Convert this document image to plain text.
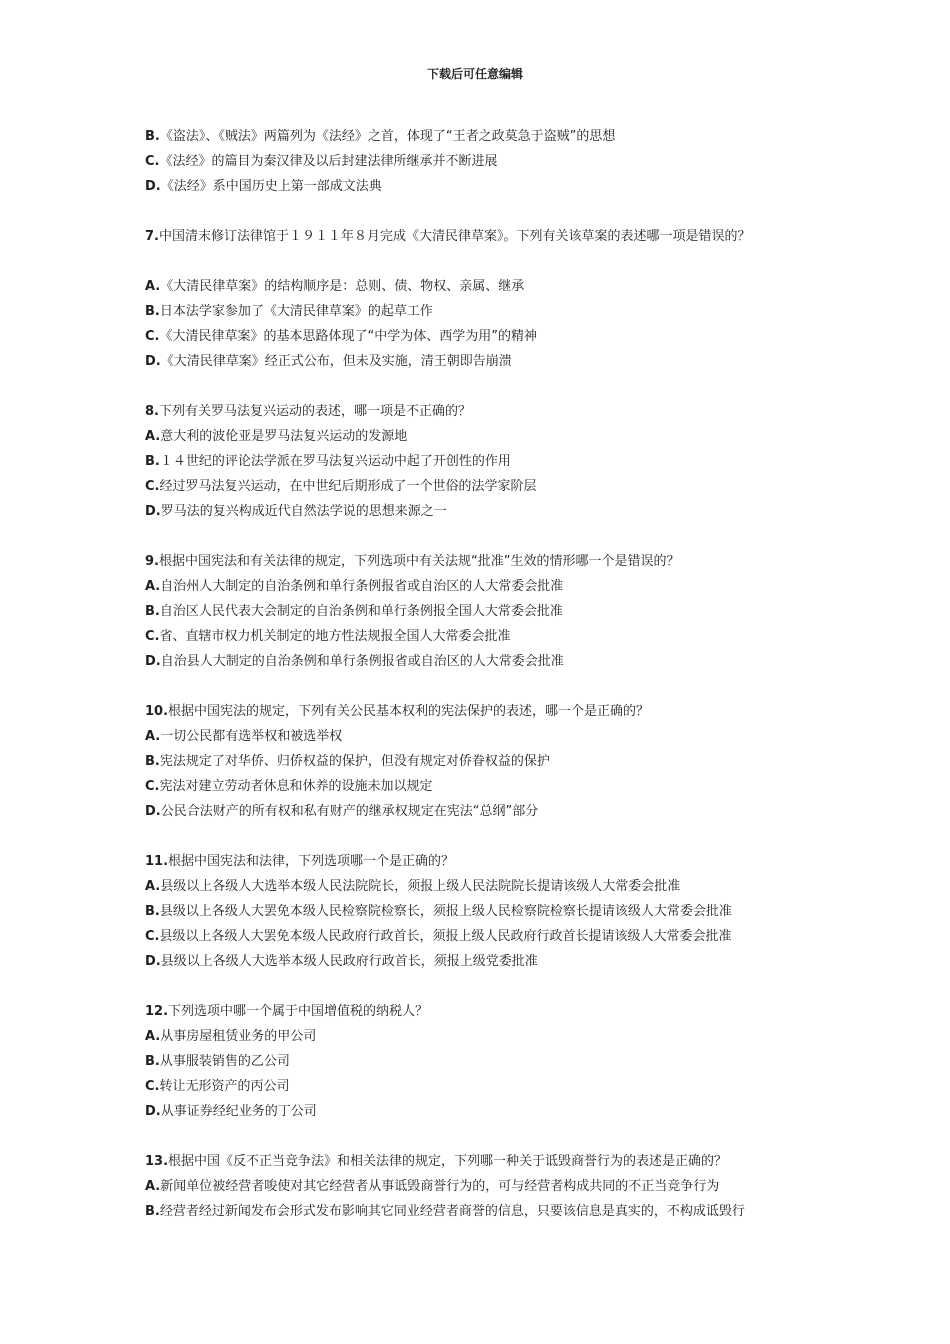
下载后可任意编辑
B.《盗法》、《贼法》两篇列为《法经》之首，体现了“王者之政莫急于盗贼”的思想
C.《法经》的篇目为秦汉律及以后封建法律所继承并不断进展
D.《法经》系中国历史上第一部成文法典
7.中国清末修订法律馆于１９１１年８月完成《大清民律草案》。下列有关该草案的表述哪一项是错误的？
A.《大清民律草案》的结构顺序是：总则、债、物权、亲属、继承
B.日本法学家参加了《大清民律草案》的起草工作
C.《大清民律草案》的基本思路体现了“中学为体、西学为用”的精神
D.《大清民律草案》经正式公布，但未及实施，清王朝即告崩溃
8.下列有关罗马法复兴运动的表述，哪一项是不正确的？
A.意大利的波伦亚是罗马法复兴运动的发源地
B.１４世纪的评论法学派在罗马法复兴运动中起了开创性的作用
C.经过罗马法复兴运动，在中世纪后期形成了一个世俗的法学家阶层
D.罗马法的复兴构成近代自然法学说的思想来源之一
9.根据中国宪法和有关法律的规定，下列选项中有关法规“批准”生效的情形哪一个是错误的？
A.自治州人大制定的自治条例和单行条例报省或自治区的人大常委会批准
B.自治区人民代表大会制定的自治条例和单行条例报全国人大常委会批准
C.省、直辖市权力机关制定的地方性法规报全国人大常委会批准
D.自治县人大制定的自治条例和单行条例报省或自治区的人大常委会批准
10.根据中国宪法的规定，下列有关公民基本权利的宪法保护的表述，哪一个是正确的？
A.一切公民都有选举权和被选举权
B.宪法规定了对华侨、归侨权益的保护，但没有规定对侨眷权益的保护
C.宪法对建立劳动者休息和休养的设施未加以规定
D.公民合法财产的所有权和私有财产的继承权规定在宪法“总纲”部分
11.根据中国宪法和法律，下列选项哪一个是正确的？
A.县级以上各级人大选举本级人民法院院长，须报上级人民法院院长提请该级人大常委会批准
B.县级以上各级人大罢免本级人民检察院检察长，须报上级人民检察院检察长提请该级人大常委会批准
C.县级以上各级人大罢免本级人民政府行政首长，须报上级人民政府行政首长提请该级人大常委会批准
D.县级以上各级人大选举本级人民政府行政首长，须报上级党委批准
12.下列选项中哪一个属于中国增值税的纳税人？
A.从事房屋租赁业务的甲公司
B.从事服装销售的乙公司
C.转让无形资产的丙公司
D.从事证券经纪业务的丁公司
13.根据中国《反不正当竞争法》和相关法律的规定，下列哪一种关于诋毁商誉行为的表述是正确的？
A.新闻单位被经营者唆使对其它经营者从事诋毁商誉行为的，可与经营者构成共同的不正当竞争行为
B.经营者经过新闻发布会形式发布影响其它同业经营者商誉的信息，只要该信息是真实的，不构成诋毁行
